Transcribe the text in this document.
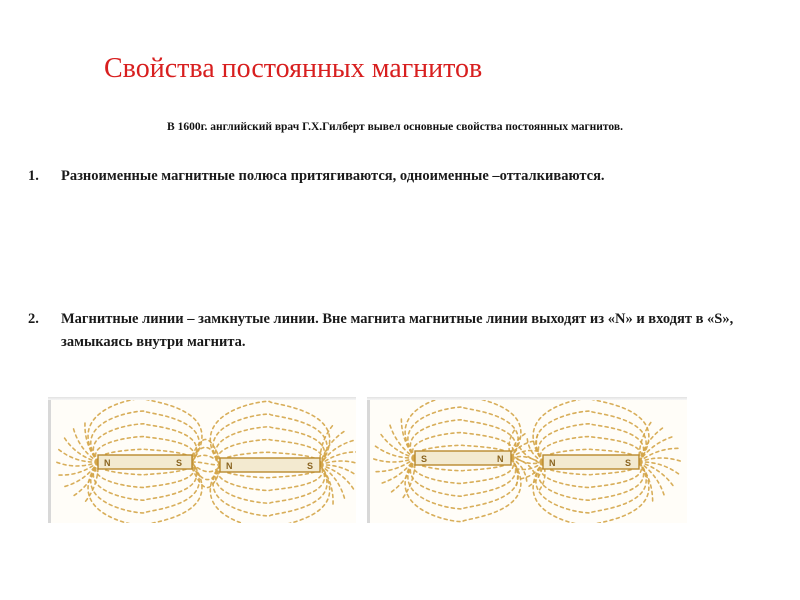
Свойства постоянных магнитов
В 1600г. английский врач Г.Х.Гилберт вывел основные свойства постоянных магнитов.
1. Разноименные магнитные полюса притягиваются, одноименные –отталкиваются.
2. Магнитные линии – замкнутые линии. Вне магнита магнитные линии выходят из «N» и входят в «S», замыкаясь внутри магнита.
N	S	N	S
S	N	N	S
